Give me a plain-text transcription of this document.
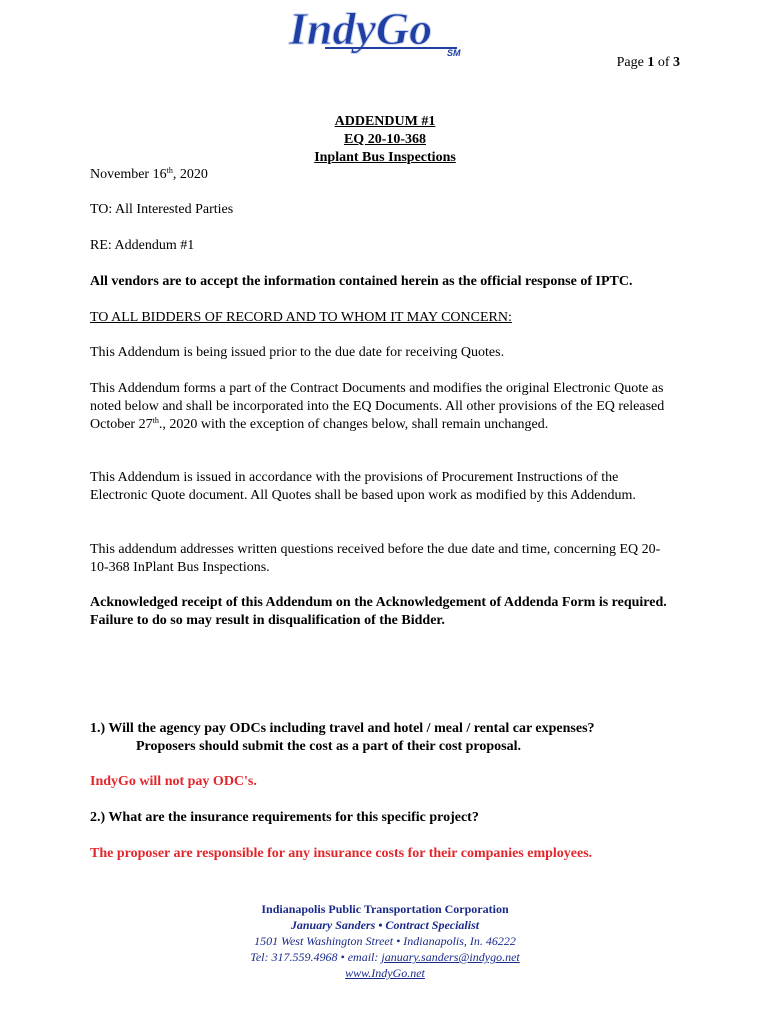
IndyGo SM
Page 1 of 3
ADDENDUM #1
EQ 20-10-368
Inplant Bus Inspections
November 16th, 2020
TO: All Interested Parties
RE: Addendum #1
All vendors are to accept the information contained herein as the official response of IPTC.
TO ALL BIDDERS OF RECORD AND TO WHOM IT MAY CONCERN:
This Addendum is being issued prior to the due date for receiving Quotes.
This Addendum forms a part of the Contract Documents and modifies the original Electronic Quote as noted below and shall be incorporated into the EQ Documents. All other provisions of the EQ released October 27th., 2020 with the exception of changes below, shall remain unchanged.
This Addendum is issued in accordance with the provisions of Procurement Instructions of the Electronic Quote document. All Quotes shall be based upon work as modified by this Addendum.
This addendum addresses written questions received before the due date and time, concerning EQ 20-10-368 InPlant Bus Inspections.
Acknowledged receipt of this Addendum on the Acknowledgement of Addenda Form is required. Failure to do so may result in disqualification of the Bidder.
1.) Will the agency pay ODCs including travel and hotel / meal / rental car expenses?
Proposers should submit the cost as a part of their cost proposal.
IndyGo will not pay ODC's.
2.) What are the insurance requirements for this specific project?
The proposer are responsible for any insurance costs for their companies employees.
Indianapolis Public Transportation Corporation
January Sanders • Contract Specialist
1501 West Washington Street • Indianapolis, In. 46222
Tel: 317.559.4968 • email: january.sanders@indygo.net
www.IndyGo.net
